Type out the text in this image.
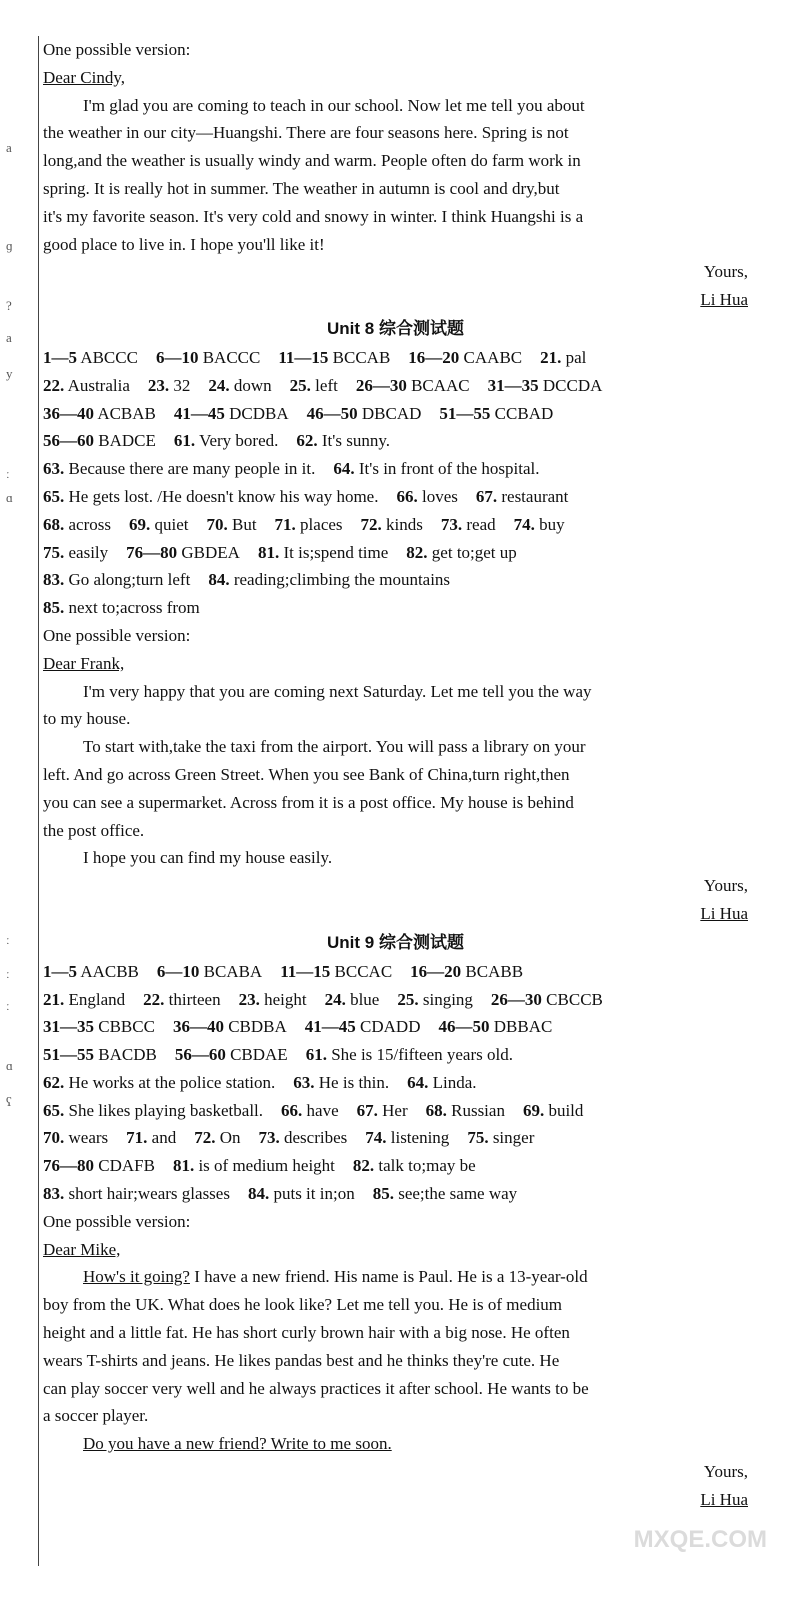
a
ɡ
?
a
y
ː
ɑ
ː
ː
ː
ɑ
ʕ
One possible version:
Dear Cindy,
I'm glad you are coming to teach in our school. Now let me tell you about
the weather in our city—Huangshi. There are four seasons here. Spring is not
long,and the weather is usually windy and warm. People often do farm work in
spring. It is really hot in summer. The weather in autumn is cool and dry,but
it's my favorite season. It's very cold and snowy in winter. I think Huangshi is a
good place to live in. I hope you'll like it!
Yours,
Li Hua
Unit 8 综合测试题
1—5 ABCCC 6—10 BACCC 11—15 BCCAB 16—20 CAABC 21. pal
22. Australia 23. 32 24. down 25. left 26—30 BCAAC 31—35 DCCDA
36—40 ACBAB 41—45 DCDBA 46—50 DBCAD 51—55 CCBAD
56—60 BADCE 61. Very bored. 62. It's sunny.
63. Because there are many people in it. 64. It's in front of the hospital.
65. He gets lost. /He doesn't know his way home. 66. loves 67. restaurant
68. across 69. quiet 70. But 71. places 72. kinds 73. read 74. buy
75. easily 76—80 GBDEA 81. It is;spend time 82. get to;get up
83. Go along;turn left 84. reading;climbing the mountains
85. next to;across from
One possible version:
Dear Frank,
I'm very happy that you are coming next Saturday. Let me tell you the way
to my house.
To start with,take the taxi from the airport. You will pass a library on your
left. And go across Green Street. When you see Bank of China,turn right,then
you can see a supermarket. Across from it is a post office. My house is behind
the post office.
I hope you can find my house easily.
Yours,
Li Hua
Unit 9 综合测试题
1—5 AACBB 6—10 BCABA 11—15 BCCAC 16—20 BCABB
21. England 22. thirteen 23. height 24. blue 25. singing 26—30 CBCCB
31—35 CBBCC 36—40 CBDBA 41—45 CDADD 46—50 DBBAC
51—55 BACDB 56—60 CBDAE 61. She is 15/fifteen years old.
62. He works at the police station. 63. He is thin. 64. Linda.
65. She likes playing basketball. 66. have 67. Her 68. Russian 69. build
70. wears 71. and 72. On 73. describes 74. listening 75. singer
76—80 CDAFB 81. is of medium height 82. talk to;may be
83. short hair;wears glasses 84. puts it in;on 85. see;the same way
One possible version:
Dear Mike,
How's it going? I have a new friend. His name is Paul. He is a 13-year-old
boy from the UK. What does he look like? Let me tell you. He is of medium
height and a little fat. He has short curly brown hair with a big nose. He often
wears T-shirts and jeans. He likes pandas best and he thinks they're cute. He
can play soccer very well and he always practices it after school. He wants to be
a soccer player.
Do you have a new friend? Write to me soon.
Yours,
Li Hua
MXQE.COM
